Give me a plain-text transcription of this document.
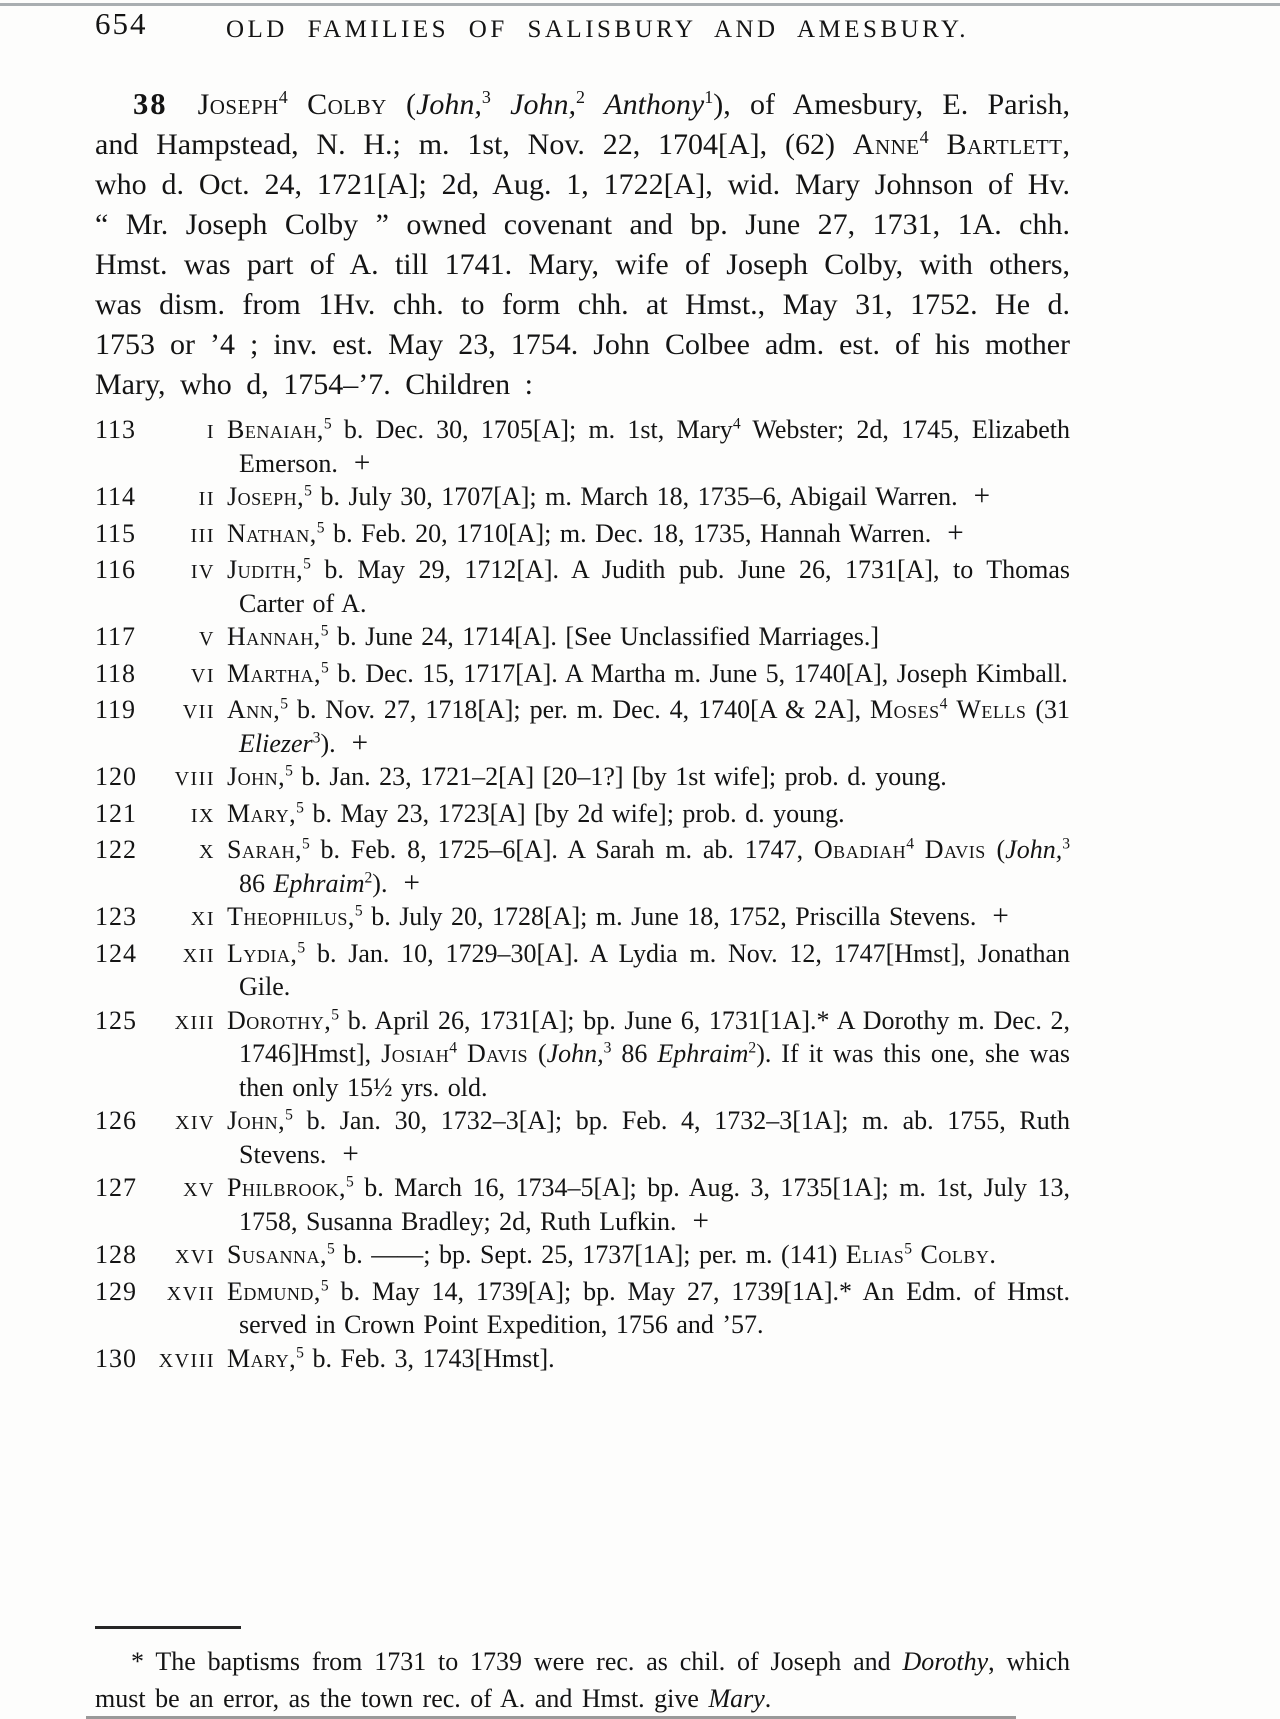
654	OLD FAMILIES OF SALISBURY AND AMESBURY.

38 Joseph$^4$ Colby (John,$^3$ John,$^2$ Anthony$^1$), of Amesbury, E. Parish, and Hampstead, N. H.; m. 1st, Nov. 22, 1704[A], (62) Anne$^4$ Bartlett, who d. Oct. 24, 1721[A]; 2d, Aug. 1, 1722[A], wid. Mary Johnson of Hv. “ Mr. Joseph Colby ” owned covenant and bp. June 27, 1731, 1A. chh. Hmst. was part of A. till 1741. Mary, wife of Joseph Colby, with others, was dism. from 1Hv. chh. to form chh. at Hmst., May 31, 1752. He d. 1753 or ’4 ; inv. est. May 23, 1754. John Colbee adm. est. of his mother Mary, who d, 1754–’7. Children :

113	I Benaiah,$^5$ b. Dec. 30, 1705[A]; m. 1st, Mary$^4$ Webster; 2d, 1745, Elizabeth Emerson. +
114	II Joseph,$^5$ b. July 30, 1707[A]; m. March 18, 1735–6, Abigail Warren. +
115	III Nathan,$^5$ b. Feb. 20, 1710[A]; m. Dec. 18, 1735, Hannah Warren. +
116	IV Judith,$^5$ b. May 29, 1712[A]. A Judith pub. June 26, 1731[A], to Thomas Carter of A.
117	V Hannah,$^5$ b. June 24, 1714[A]. [See Unclassified Marriages.]
118	VI Martha,$^5$ b. Dec. 15, 1717[A]. A Martha m. June 5, 1740[A], Joseph Kimball.
119	VII Ann,$^5$ b. Nov. 27, 1718[A]; per. m. Dec. 4, 1740[A & 2A], Moses$^4$ Wells (31 Eliezer$^3$). +
120	VIII John,$^5$ b. Jan. 23, 1721–2[A] [20–1?] [by 1st wife]; prob. d. young.
121	IX Mary,$^5$ b. May 23, 1723[A] [by 2d wife]; prob. d. young.
122	X Sarah,$^5$ b. Feb. 8, 1725–6[A]. A Sarah m. ab. 1747, Obadiah$^4$ Davis (John,$^3$ 86 Ephraim$^2$). +
123	XI Theophilus,$^5$ b. July 20, 1728[A]; m. June 18, 1752, Priscilla Stevens. +
124	XII Lydia,$^5$ b. Jan. 10, 1729–30[A]. A Lydia m. Nov. 12, 1747[Hmst], Jonathan Gile.
125	XIII Dorothy,$^5$ b. April 26, 1731[A]; bp. June 6, 1731[1A].* A Dorothy m. Dec. 2, 1746]Hmst], Josiah$^4$ Davis (John,$^3$ 86 Ephraim$^2$). If it was this one, she was then only 15½ yrs. old.
126	XIV John,$^5$ b. Jan. 30, 1732–3[A]; bp. Feb. 4, 1732–3[1A]; m. ab. 1755, Ruth Stevens. +
127	XV Philbrook,$^5$ b. March 16, 1734–5[A]; bp. Aug. 3, 1735[1A]; m. 1st, July 13, 1758, Susanna Bradley; 2d, Ruth Lufkin. +
128	XVI Susanna,$^5$ b. ——; bp. Sept. 25, 1737[1A]; per. m. (141) Elias$^5$ Colby.
129	XVII Edmund,$^5$ b. May 14, 1739[A]; bp. May 27, 1739[1A].* An Edm. of Hmst. served in Crown Point Expedition, 1756 and ’57.
130	XVIII Mary,$^5$ b. Feb. 3, 1743[Hmst].
* The baptisms from 1731 to 1739 were rec. as chil. of Joseph and Dorothy, which must be an error, as the town rec. of A. and Hmst. give Mary.
